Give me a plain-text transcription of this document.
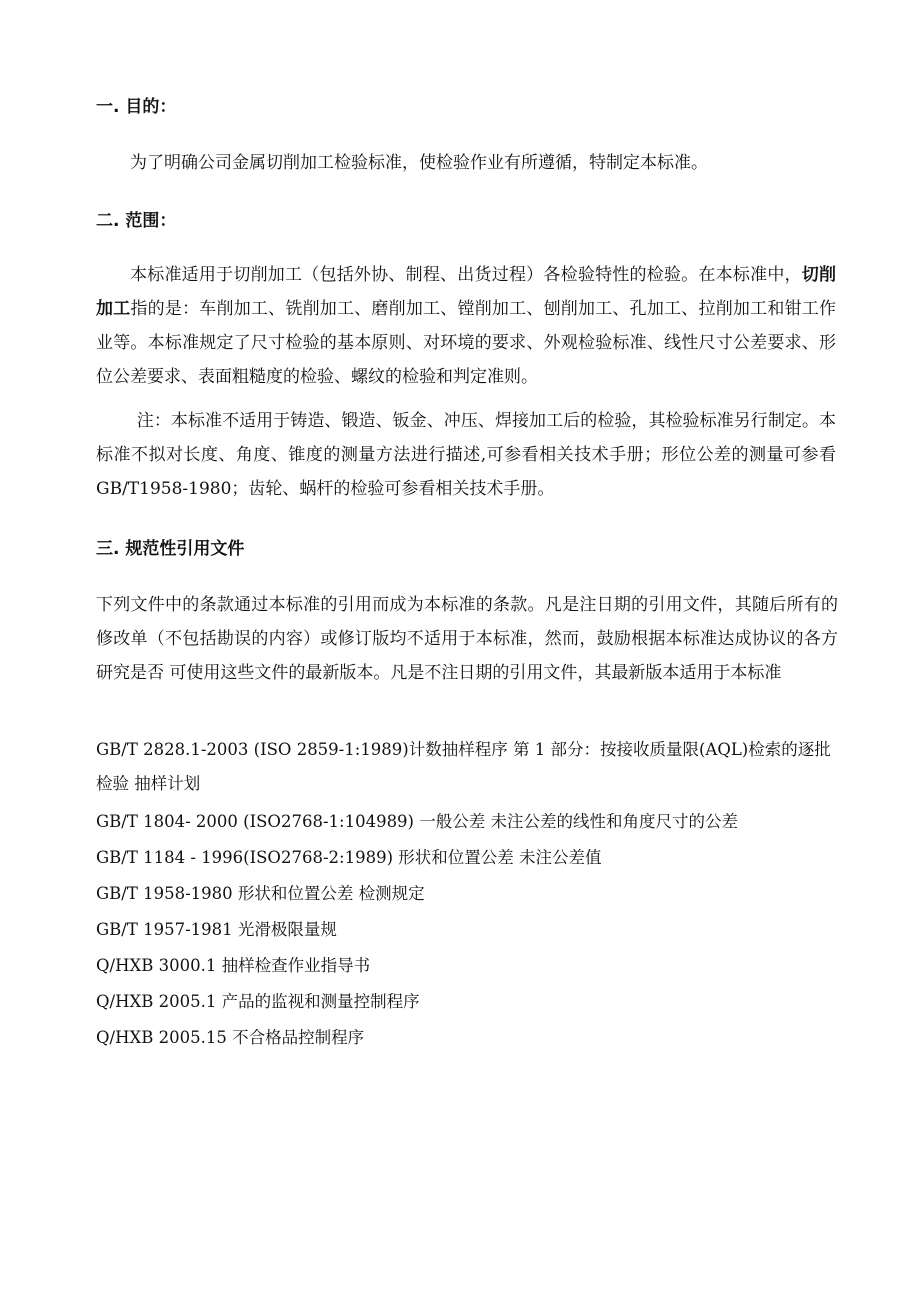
一. 目的：
为了明确公司金属切削加工检验标准，使检验作业有所遵循，特制定本标准。
二. 范围：
本标准适用于切削加工（包括外协、制程、出货过程）各检验特性的检验。在本标准中，切削加工指的是：车削加工、铣削加工、磨削加工、镗削加工、刨削加工、孔加工、拉削加工和钳工作业等。本标准规定了尺寸检验的基本原则、对环境的要求、外观检验标准、线性尺寸公差要求、形位公差要求、表面粗糙度的检验、螺纹的检验和判定准则。
注：本标准不适用于铸造、锻造、钣金、冲压、焊接加工后的检验，其检验标准另行制定。本标准不拟对长度、角度、锥度的测量方法进行描述,可参看相关技术手册；形位公差的测量可参看 GB/T1958-1980；齿轮、蜗杆的检验可参看相关技术手册。
三. 规范性引用文件
下列文件中的条款通过本标准的引用而成为本标准的条款。凡是注日期的引用文件，其随后所有的修改单（不包括勘误的内容）或修订版均不适用于本标准，然而，鼓励根据本标准达成协议的各方研究是否 可使用这些文件的最新版本。凡是不注日期的引用文件，其最新版本适用于本标准
GB/T 2828.1-2003 (ISO 2859-1:1989)计数抽样程序 第 1 部分：按接收质量限(AQL)检索的逐批检验 抽样计划
GB/T 1804- 2000 (ISO2768-1:104989) 一般公差 未注公差的线性和角度尺寸的公差
GB/T 1184 - 1996(ISO2768-2:1989) 形状和位置公差 未注公差值
GB/T 1958-1980 形状和位置公差 检测规定
GB/T 1957-1981 光滑极限量规
Q/HXB 3000.1 抽样检查作业指导书
Q/HXB 2005.1 产品的监视和测量控制程序
Q/HXB 2005.15 不合格品控制程序
